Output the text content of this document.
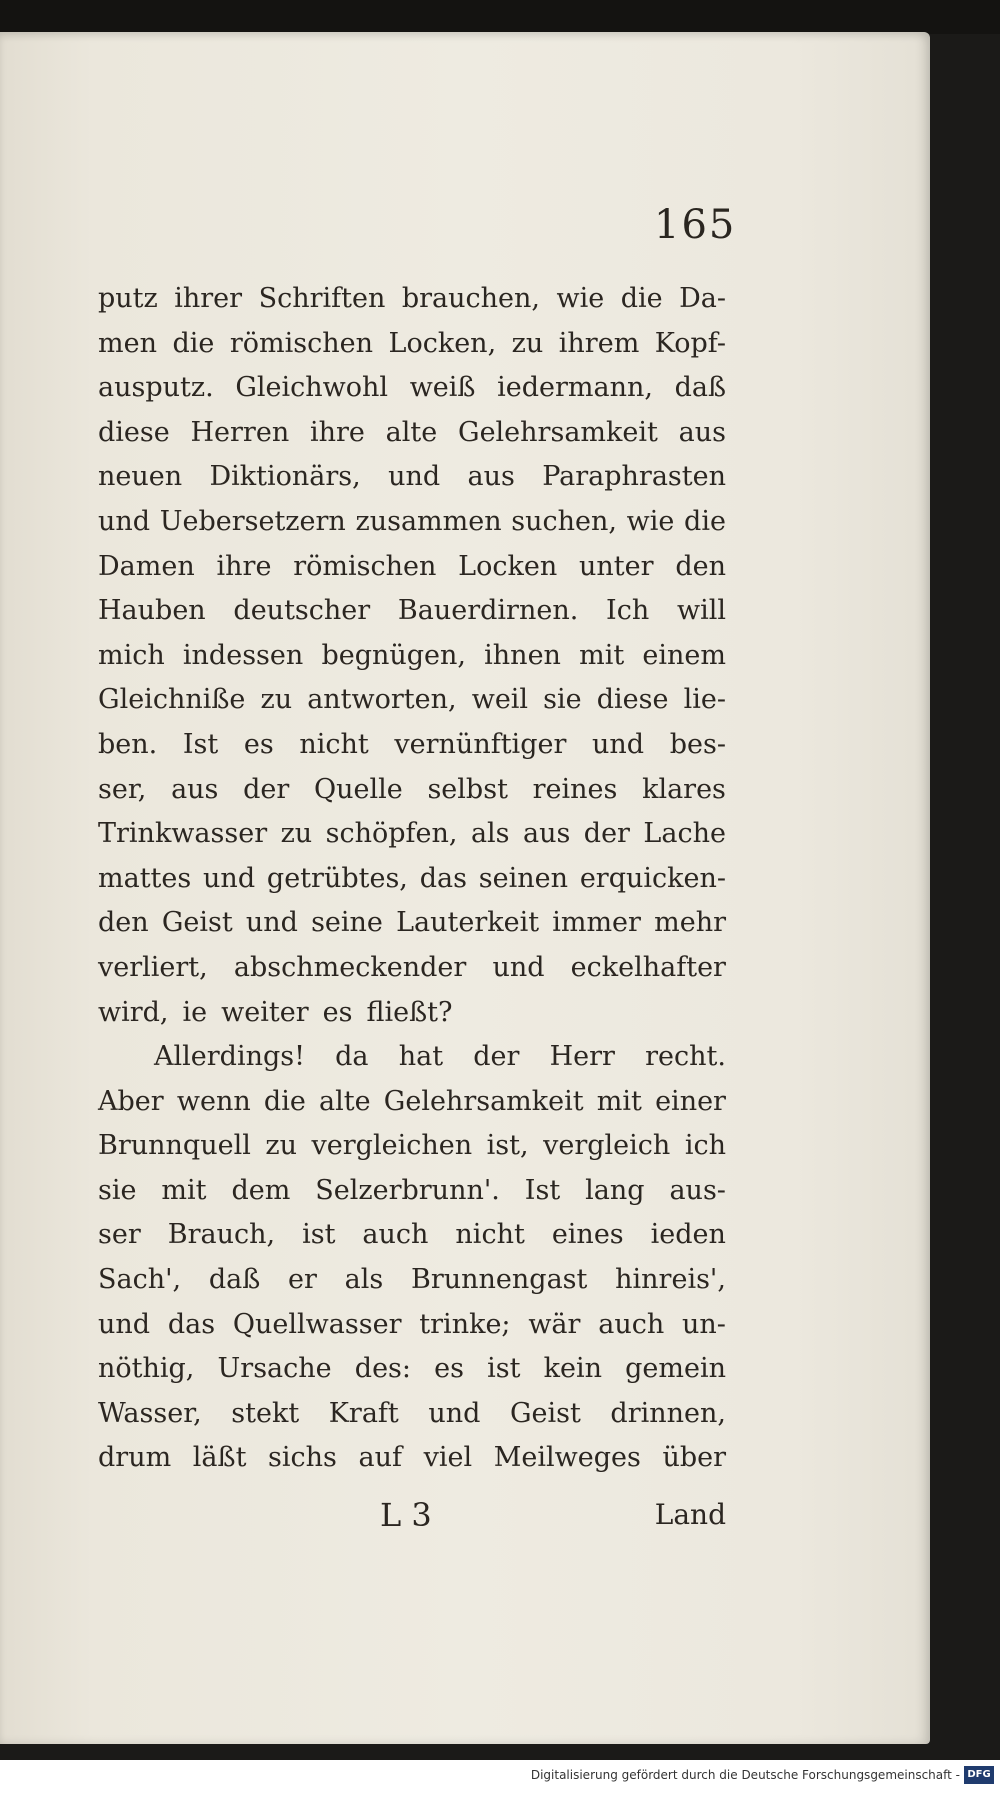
165
putz ihrer Schriften brauchen, wie die Da-
men die römischen Locken, zu ihrem Kopf-
ausputz. Gleichwohl weiß iedermann, daß
diese Herren ihre alte Gelehrsamkeit aus
neuen Diktionärs, und aus Paraphrasten
und Uebersetzern zusammen suchen, wie die
Damen ihre römischen Locken unter den
Hauben deutscher Bauerdirnen. Ich will
mich indessen begnügen, ihnen mit einem
Gleichniße zu antworten, weil sie diese lie-
ben. Ist es nicht vernünftiger und bes-
ser, aus der Quelle selbst reines klares
Trinkwasser zu schöpfen, als aus der Lache
mattes und getrübtes, das seinen erquicken-
den Geist und seine Lauterkeit immer mehr
verliert, abschmeckender und eckelhafter
wird, ie weiter es fließt?
Allerdings! da hat der Herr recht.
Aber wenn die alte Gelehrsamkeit mit einer
Brunnquell zu vergleichen ist, vergleich ich
sie mit dem Selzerbrunn'. Ist lang aus-
ser Brauch, ist auch nicht eines ieden
Sach', daß er als Brunnengast hinreis',
und das Quellwasser trinke; wär auch un-
nöthig, Ursache des: es ist kein gemein
Wasser, stekt Kraft und Geist drinnen,
drum läßt sichs auf viel Meilweges über
L 3	Land
Digitalisierung gefördert durch die Deutsche Forschungsgemeinschaft - DFG
